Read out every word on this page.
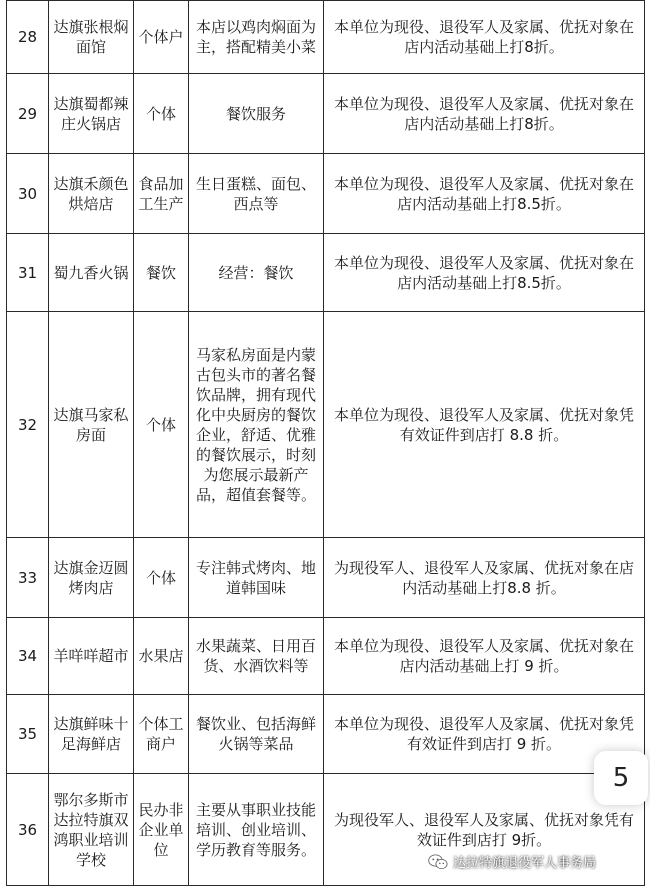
28	达旗张根焖面馆	个体户	本店以鸡肉焖面为主，搭配精美小菜	本单位为现役、退役军人及家属、优抚对象在店内活动基础上打8折。
29	达旗蜀都辣庄火锅店	个体	餐饮服务	本单位为现役、退役军人及家属、优抚对象在店内活动基础上打8折。
30	达旗禾颜色烘焙店	食品加工生产	生日蛋糕、面包、西点等	本单位为现役、退役军人及家属、优抚对象在店内活动基础上打8.5折。
31	蜀九香火锅	餐饮	经营：餐饮	本单位为现役、退役军人及家属、优抚对象在店内活动基础上打8.5折。
32	达旗马家私房面	个体	马家私房面是内蒙古包头市的著名餐饮品牌，拥有现代化中央厨房的餐饮企业，舒适、优雅的餐饮展示，时刻为您展示最新产品，超值套餐等。	本单位为现役、退役军人及家属、优抚对象凭有效证件到店打 8.8 折。
33	达旗金迈圆烤肉店	个体	专注韩式烤肉、地道韩国味	为现役军人、退役军人及家属、优抚对象在店内活动基础上打8.8 折。
34	羊咩咩超市	水果店	水果蔬菜、日用百货、水酒饮料等	本单位为现役、退役军人及家属、优抚对象在店内活动基础上打 9 折。
35	达旗鲜味十足海鲜店	个体工商户	餐饮业、包括海鲜火锅等菜品	本单位为现役、退役军人及家属、优抚对象凭有效证件到店打 9 折。
36	鄂尔多斯市达拉特旗双鸿职业培训学校	民办非企业单位	主要从事职业技能培训、创业培训、学历教育等服务。	为现役军人、退役军人及家属、优抚对象凭有效证件到店打 9折。
5
达拉特旗退役军人事务局
